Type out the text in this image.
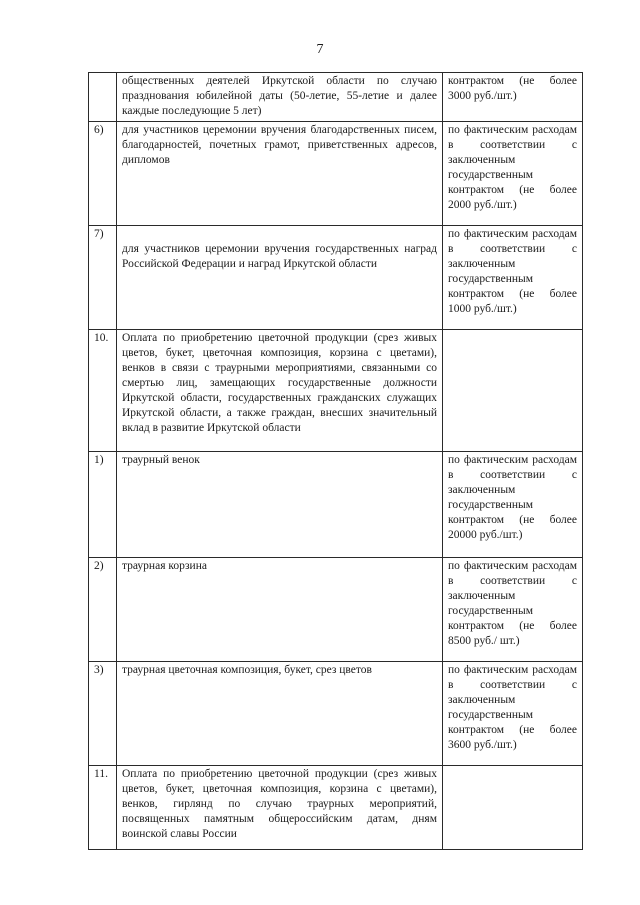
7
	общественных деятелей Иркутской области по случаю празднования юбилейной даты (50-летие, 55-летие и далее каждые последующие 5 лет)	контрактом (не более 3000 руб./шт.)
6)	для участников церемонии вручения благодарственных писем, благодарностей, почетных грамот, приветственных адресов, дипломов	по фактическим расходам в соответствии с заключенным государственным контрактом (не более 2000 руб./шт.)
7)	для участников церемонии вручения государственных наград Российской Федерации и наград Иркутской области	по фактическим расходам в соответствии с заключенным государственным контрактом (не более 1000 руб./шт.)
10.	Оплата по приобретению цветочной продукции (срез живых цветов, букет, цветочная композиция, корзина с цветами), венков в связи с траурными мероприятиями, связанными со смертью лиц, замещающих государственные должности Иркутской области, государственных гражданских служащих Иркутской области, а также граждан, внесших значительный вклад в развитие Иркутской области	
1)	траурный венок	по фактическим расходам в соответствии с заключенным государственным контрактом (не более 20000 руб./шт.)
2)	траурная корзина	по фактическим расходам в соответствии с заключенным государственным контрактом (не более 8500 руб./ шт.)
3)	траурная цветочная композиция, букет, срез цветов	по фактическим расходам в соответствии с заключенным государственным контрактом (не более 3600 руб./шт.)
11.	Оплата по приобретению цветочной продукции (срез живых цветов, букет, цветочная композиция, корзина с цветами), венков, гирлянд по случаю траурных мероприятий, посвященных памятным общероссийским датам, дням воинской славы России	
